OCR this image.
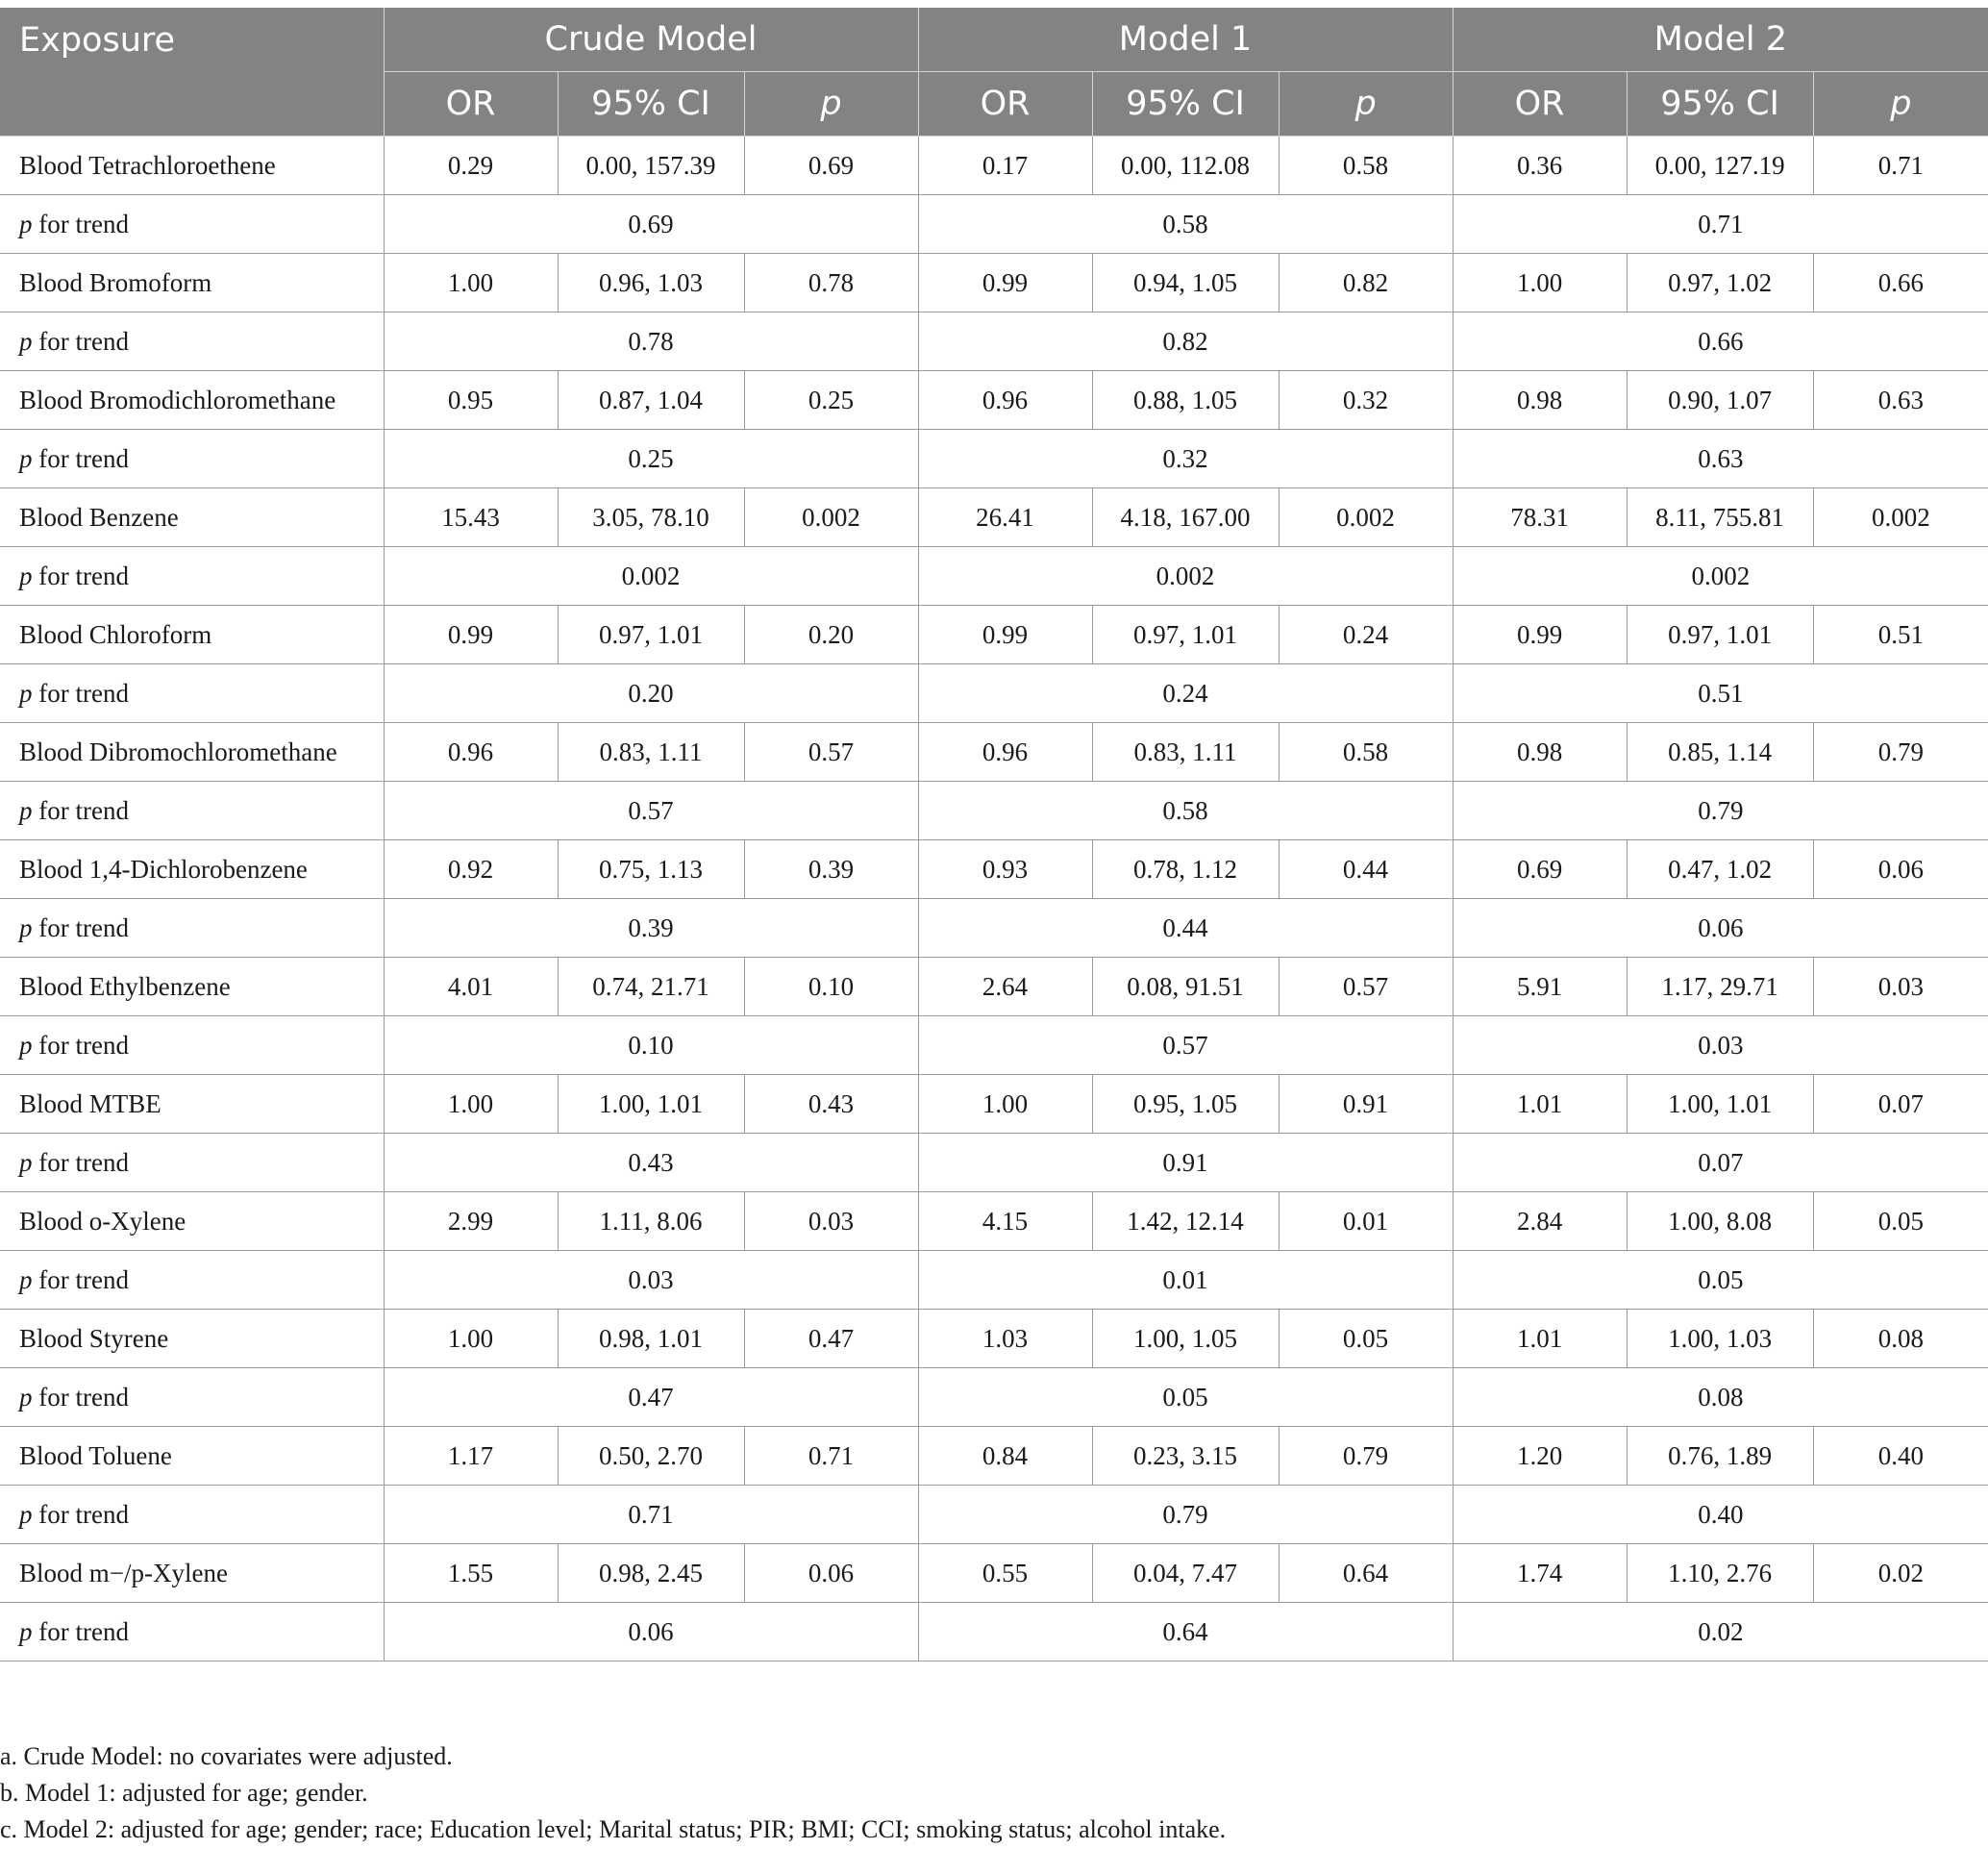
Exposure	Crude Model			Model 1			Model 2		
	OR	95% CI	p	OR	95% CI	p	OR	95% CI	p
Blood Tetrachloroethene	0.29	0.00, 157.39	0.69	0.17	0.00, 112.08	0.58	0.36	0.00, 127.19	0.71
p for trend	0.69			0.58			0.71		
Blood Bromoform	1.00	0.96, 1.03	0.78	0.99	0.94, 1.05	0.82	1.00	0.97, 1.02	0.66
p for trend	0.78			0.82			0.66		
Blood Bromodichloromethane	0.95	0.87, 1.04	0.25	0.96	0.88, 1.05	0.32	0.98	0.90, 1.07	0.63
p for trend	0.25			0.32			0.63		
Blood Benzene	15.43	3.05, 78.10	0.002	26.41	4.18, 167.00	0.002	78.31	8.11, 755.81	0.002
p for trend	0.002			0.002			0.002		
Blood Chloroform	0.99	0.97, 1.01	0.20	0.99	0.97, 1.01	0.24	0.99	0.97, 1.01	0.51
p for trend	0.20			0.24			0.51		
Blood Dibromochloromethane	0.96	0.83, 1.11	0.57	0.96	0.83, 1.11	0.58	0.98	0.85, 1.14	0.79
p for trend	0.57			0.58			0.79		
Blood 1,4-Dichlorobenzene	0.92	0.75, 1.13	0.39	0.93	0.78, 1.12	0.44	0.69	0.47, 1.02	0.06
p for trend	0.39			0.44			0.06		
Blood Ethylbenzene	4.01	0.74, 21.71	0.10	2.64	0.08, 91.51	0.57	5.91	1.17, 29.71	0.03
p for trend	0.10			0.57			0.03		
Blood MTBE	1.00	1.00, 1.01	0.43	1.00	0.95, 1.05	0.91	1.01	1.00, 1.01	0.07
p for trend	0.43			0.91			0.07		
Blood o-Xylene	2.99	1.11, 8.06	0.03	4.15	1.42, 12.14	0.01	2.84	1.00, 8.08	0.05
p for trend	0.03			0.01			0.05		
Blood Styrene	1.00	0.98, 1.01	0.47	1.03	1.00, 1.05	0.05	1.01	1.00, 1.03	0.08
p for trend	0.47			0.05			0.08		
Blood Toluene	1.17	0.50, 2.70	0.71	0.84	0.23, 3.15	0.79	1.20	0.76, 1.89	0.40
p for trend	0.71			0.79			0.40		
Blood m−/p-Xylene	1.55	0.98, 2.45	0.06	0.55	0.04, 7.47	0.64	1.74	1.10, 2.76	0.02
p for trend	0.06			0.64			0.02		
a. Crude Model: no covariates were adjusted.
b. Model 1: adjusted for age; gender.
c. Model 2: adjusted for age; gender; race; Education level; Marital status; PIR; BMI; CCI; smoking status; alcohol intake.
